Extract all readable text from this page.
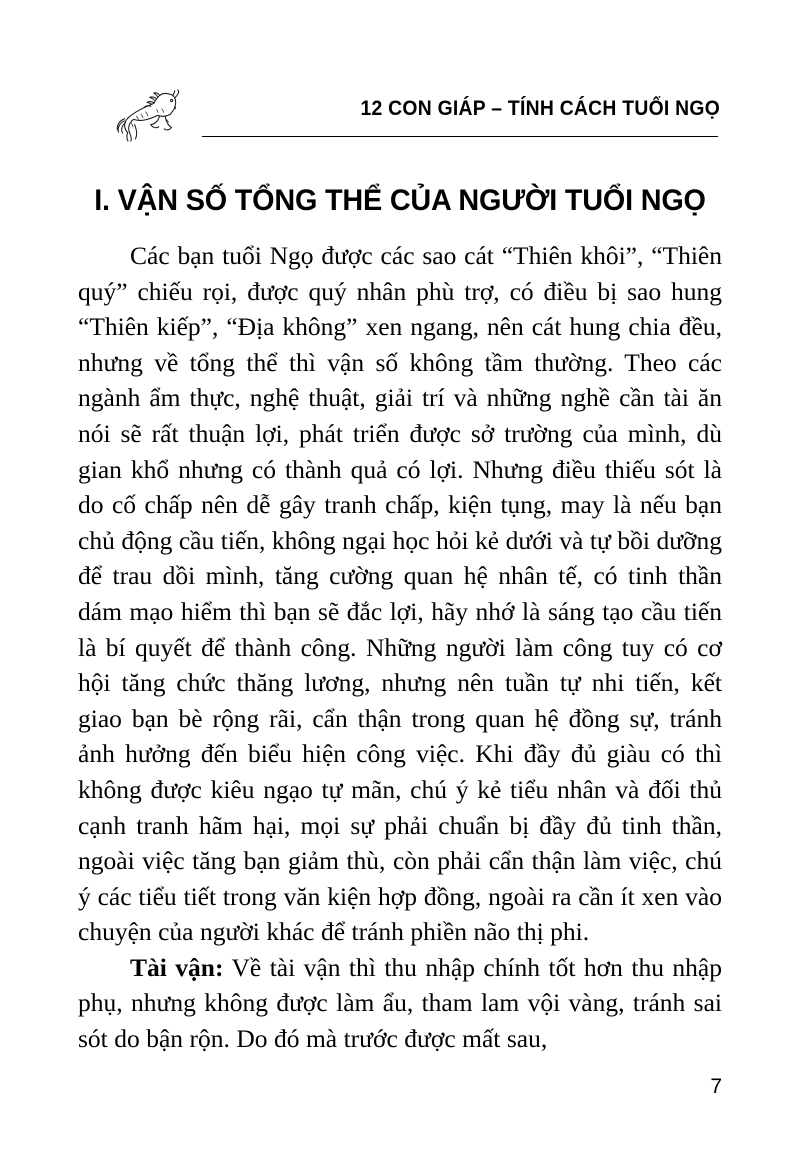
12 CON GIÁP – TÍNH CÁCH TUỔI NGỌ
I. VẬN SỐ TỔNG THỂ CỦA NGƯỜI TUỔI NGỌ

Các bạn tuổi Ngọ được các sao cát “Thiên khôi”, “Thiên quý” chiếu rọi, được quý nhân phù trợ, có điều bị sao hung “Thiên kiếp”, “Địa không” xen ngang, nên cát hung chia đều, nhưng về tổng thể thì vận số không tầm thường. Theo các ngành ẩm thực, nghệ thuật, giải trí và những nghề cần tài ăn nói sẽ rất thuận lợi, phát triển được sở trường của mình, dù gian khổ nhưng có thành quả có lợi. Nhưng điều thiếu sót là do cố chấp nên dễ gây tranh chấp, kiện tụng, may là nếu bạn chủ động cầu tiến, không ngại học hỏi kẻ dưới và tự bồi dưỡng để trau dồi mình, tăng cường quan hệ nhân tế, có tinh thần dám mạo hiểm thì bạn sẽ đắc lợi, hãy nhớ là sáng tạo cầu tiến là bí quyết để thành công. Những người làm công tuy có cơ hội tăng chức thăng lương, nhưng nên tuần tự nhi tiến, kết giao bạn bè rộng rãi, cẩn thận trong quan hệ đồng sự, tránh ảnh hưởng đến biểu hiện công việc. Khi đầy đủ giàu có thì không được kiêu ngạo tự mãn, chú ý kẻ tiểu nhân và đối thủ cạnh tranh hãm hại, mọi sự phải chuẩn bị đầy đủ tinh thần, ngoài việc tăng bạn giảm thù, còn phải cẩn thận làm việc, chú ý các tiểu tiết trong văn kiện hợp đồng, ngoài ra cần ít xen vào chuyện của người khác để tránh phiền não thị phi.

Tài vận: Về tài vận thì thu nhập chính tốt hơn thu nhập phụ, nhưng không được làm ẩu, tham lam vội vàng, tránh sai sót do bận rộn. Do đó mà trước được mất sau,

7
